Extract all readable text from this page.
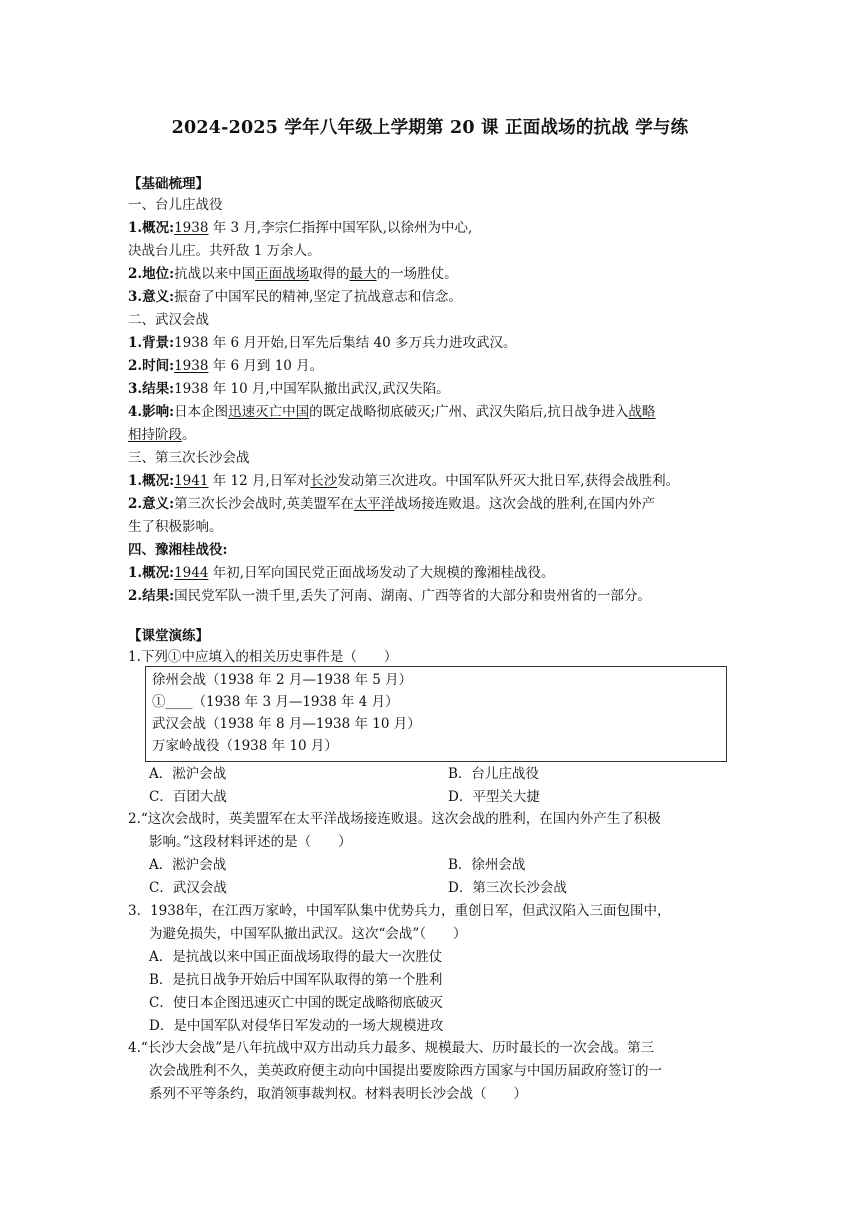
2024-2025 学年八年级上学期第 20 课 正面战场的抗战 学与练
【基础梳理】
一、台儿庄战役
1.概况:1938 年 3 月,李宗仁指挥中国军队,以徐州为中心,
决战台儿庄。共歼敌 1 万余人。
2.地位:抗战以来中国正面战场取得的最大的一场胜仗。
3.意义:振奋了中国军民的精神,坚定了抗战意志和信念。
二、武汉会战
1.背景:1938 年 6 月开始,日军先后集结 40 多万兵力进攻武汉。
2.时间:1938 年 6 月到 10 月。
3.结果:1938 年 10 月,中国军队撤出武汉,武汉失陷。
4.影响:日本企图迅速灭亡中国的既定战略彻底破灭;广州、武汉失陷后,抗日战争进入战略
相持阶段。
三、第三次长沙会战
1.概况:1941 年 12 月,日军对长沙发动第三次进攻。中国军队歼灭大批日军,获得会战胜利。
2.意义:第三次长沙会战时,英美盟军在太平洋战场接连败退。这次会战的胜利,在国内外产
生了积极影响。
四、豫湘桂战役:
1.概况:1944 年初,日军向国民党正面战场发动了大规模的豫湘桂战役。
2.结果:国民党军队一溃千里,丢失了河南、湖南、广西等省的大部分和贵州省的一部分。
【课堂演练】
1.下列①中应填入的相关历史事件是（　　）
徐州会战（1938 年 2 月—1938 年 5 月）
①____（1938 年 3 月—1938 年 4 月）
武汉会战（1938 年 8 月—1938 年 10 月）
万家岭战役（1938 年 10 月）
A．淞沪会战	B．台儿庄战役
C．百团大战	D．平型关大捷
2.“这次会战时，英美盟军在太平洋战场接连败退。这次会战的胜利，在国内外产生了积极
影响。”这段材料评述的是（　　）
A．淞沪会战	B．徐州会战
C．武汉会战	D．第三次长沙会战
3．1938年，在江西万家岭，中国军队集中优势兵力，重创日军，但武汉陷入三面包围中，
为避免损失，中国军队撤出武汉。这次“会战”（　　）
A．是抗战以来中国正面战场取得的最大一次胜仗
B．是抗日战争开始后中国军队取得的第一个胜利
C．使日本企图迅速灭亡中国的既定战略彻底破灭
D．是中国军队对侵华日军发动的一场大规模进攻
4.“长沙大会战”是八年抗战中双方出动兵力最多、规模最大、历时最长的一次会战。第三
次会战胜利不久，美英政府便主动向中国提出要废除西方国家与中国历届政府签订的一
系列不平等条约，取消领事裁判权。材料表明长沙会战（　　）
